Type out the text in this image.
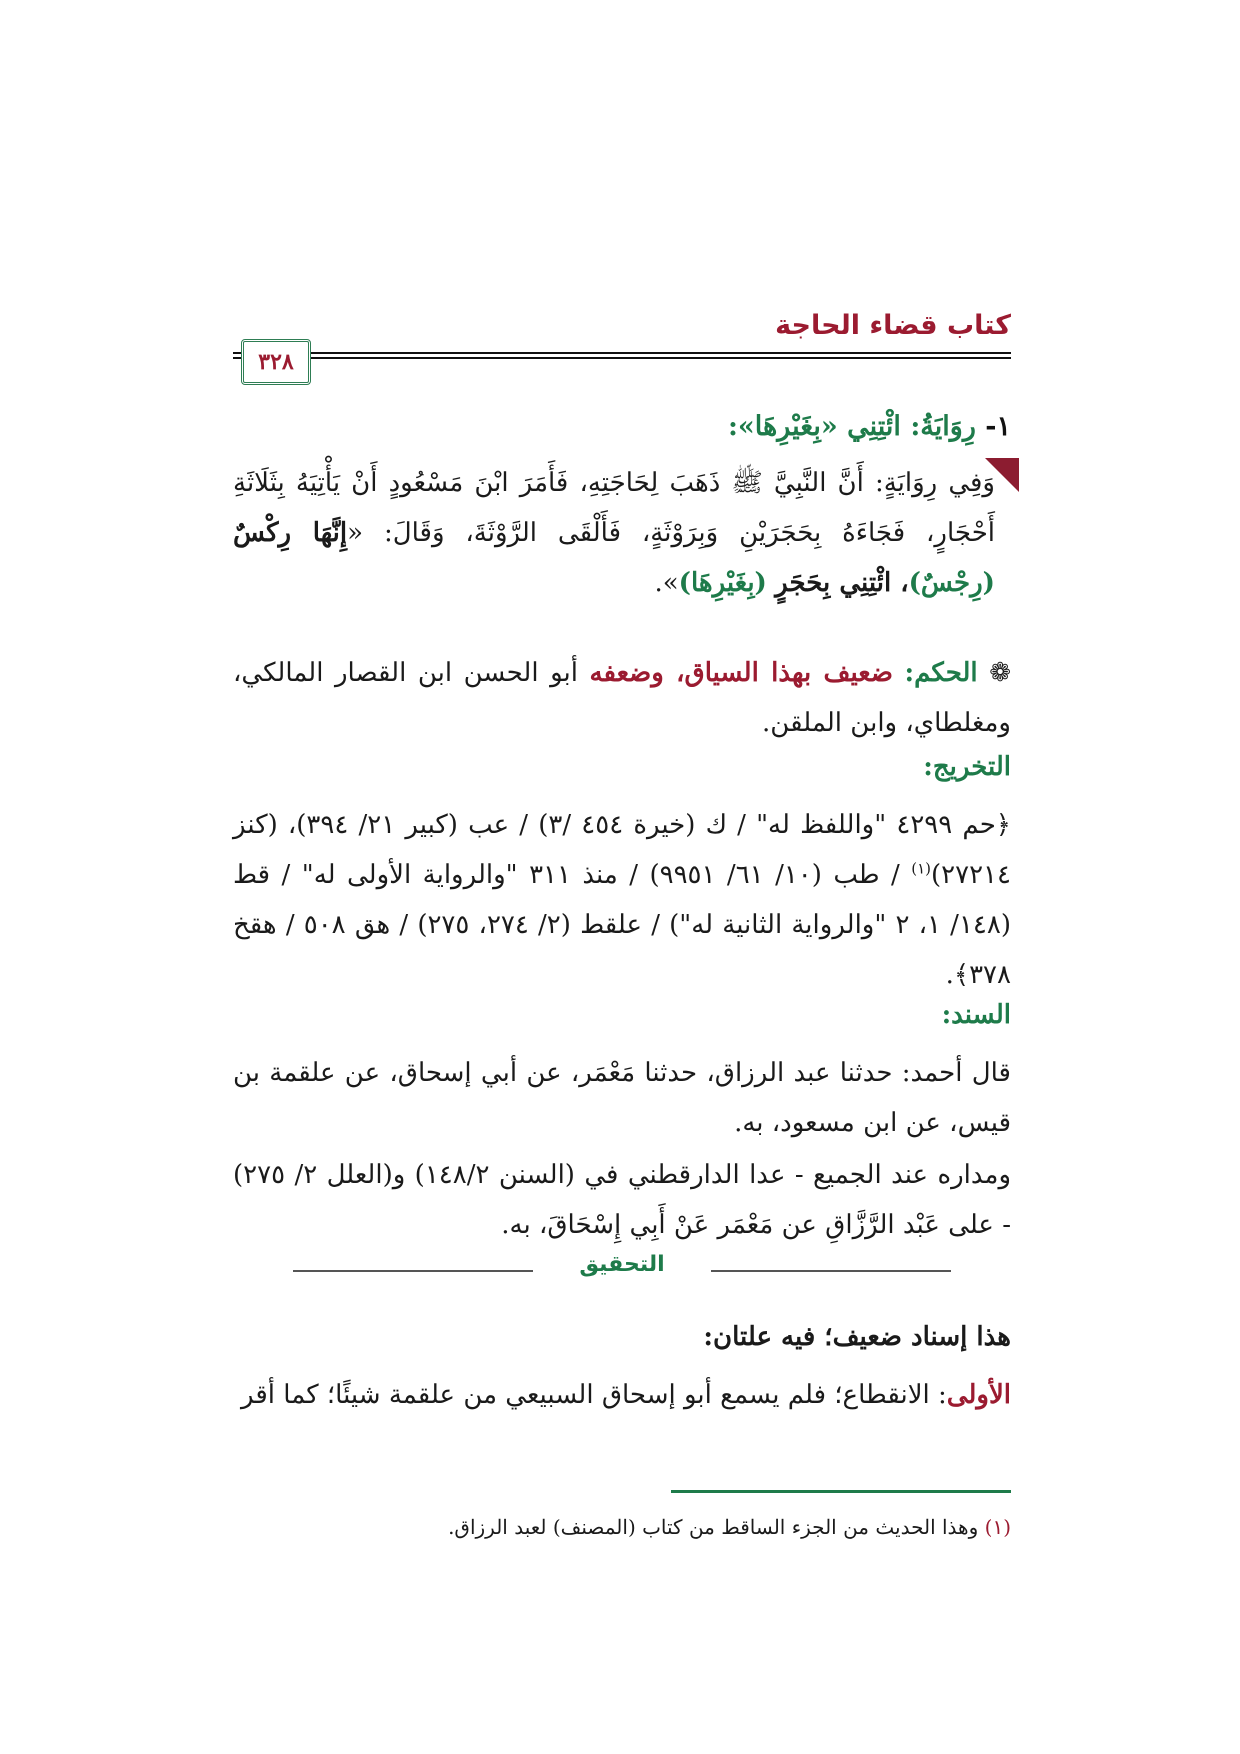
كتاب قضاء الحاجة
٣٢٨
١- رِوَايَةُ: ائْتِنِي «بِغَيْرِهَا»:
وَفِي رِوَايَةٍ: أَنَّ النَّبِيَّ ﷺ ذَهَبَ لِحَاجَتِهِ، فَأَمَرَ ابْنَ مَسْعُودٍ أَنْ يَأْتِيَهُ بِثَلَاثَةِ أَحْجَارٍ، فَجَاءَهُ بِحَجَرَيْنِ وَبِرَوْثَةٍ، فَأَلْقَى الرَّوْثَةَ، وَقَالَ: «إِنَّهَا رِكْسٌ (رِجْسٌ)، ائْتِنِي بِحَجَرٍ (بِغَيْرِهَا)».
❁ الحكم: ضعيف بهذا السياق، وضعفه أبو الحسن ابن القصار المالكي، ومغلطاي، وابن الملقن.
التخريج:
﴿حم ٤٢٩٩ "واللفظ له" / ك (خيرة ٤٥٤ /٣) / عب (كبير ٢١/ ٣٩٤)، (كنز ٢٧٢١٤)$^{(١)}$ / طب (١٠/ ٦١/ ٩٩٥١) / منذ ٣١١ "والرواية الأولى له" / قط (١٤٨/ ١، ٢ "والرواية الثانية له") / علقط (٢/ ٢٧٤، ٢٧٥) / هق ٥٠٨ / هقخ ٣٧٨﴾.
السند:
قال أحمد: حدثنا عبد الرزاق، حدثنا مَعْمَر، عن أبي إسحاق، عن علقمة بن قيس، عن ابن مسعود، به.
ومداره عند الجميع - عدا الدارقطني في (السنن ١٤٨/٢) و(العلل ٢/ ٢٧٥) - على عَبْد الرَّزَّاقِ عن مَعْمَر عَنْ أَبِي إِسْحَاقَ، به.
التحقيق
هذا إسناد ضعيف؛ فيه علتان:
الأولى: الانقطاع؛ فلم يسمع أبو إسحاق السبيعي من علقمة شيئًا؛ كما أقر
(١) وهذا الحديث من الجزء الساقط من كتاب (المصنف) لعبد الرزاق.
